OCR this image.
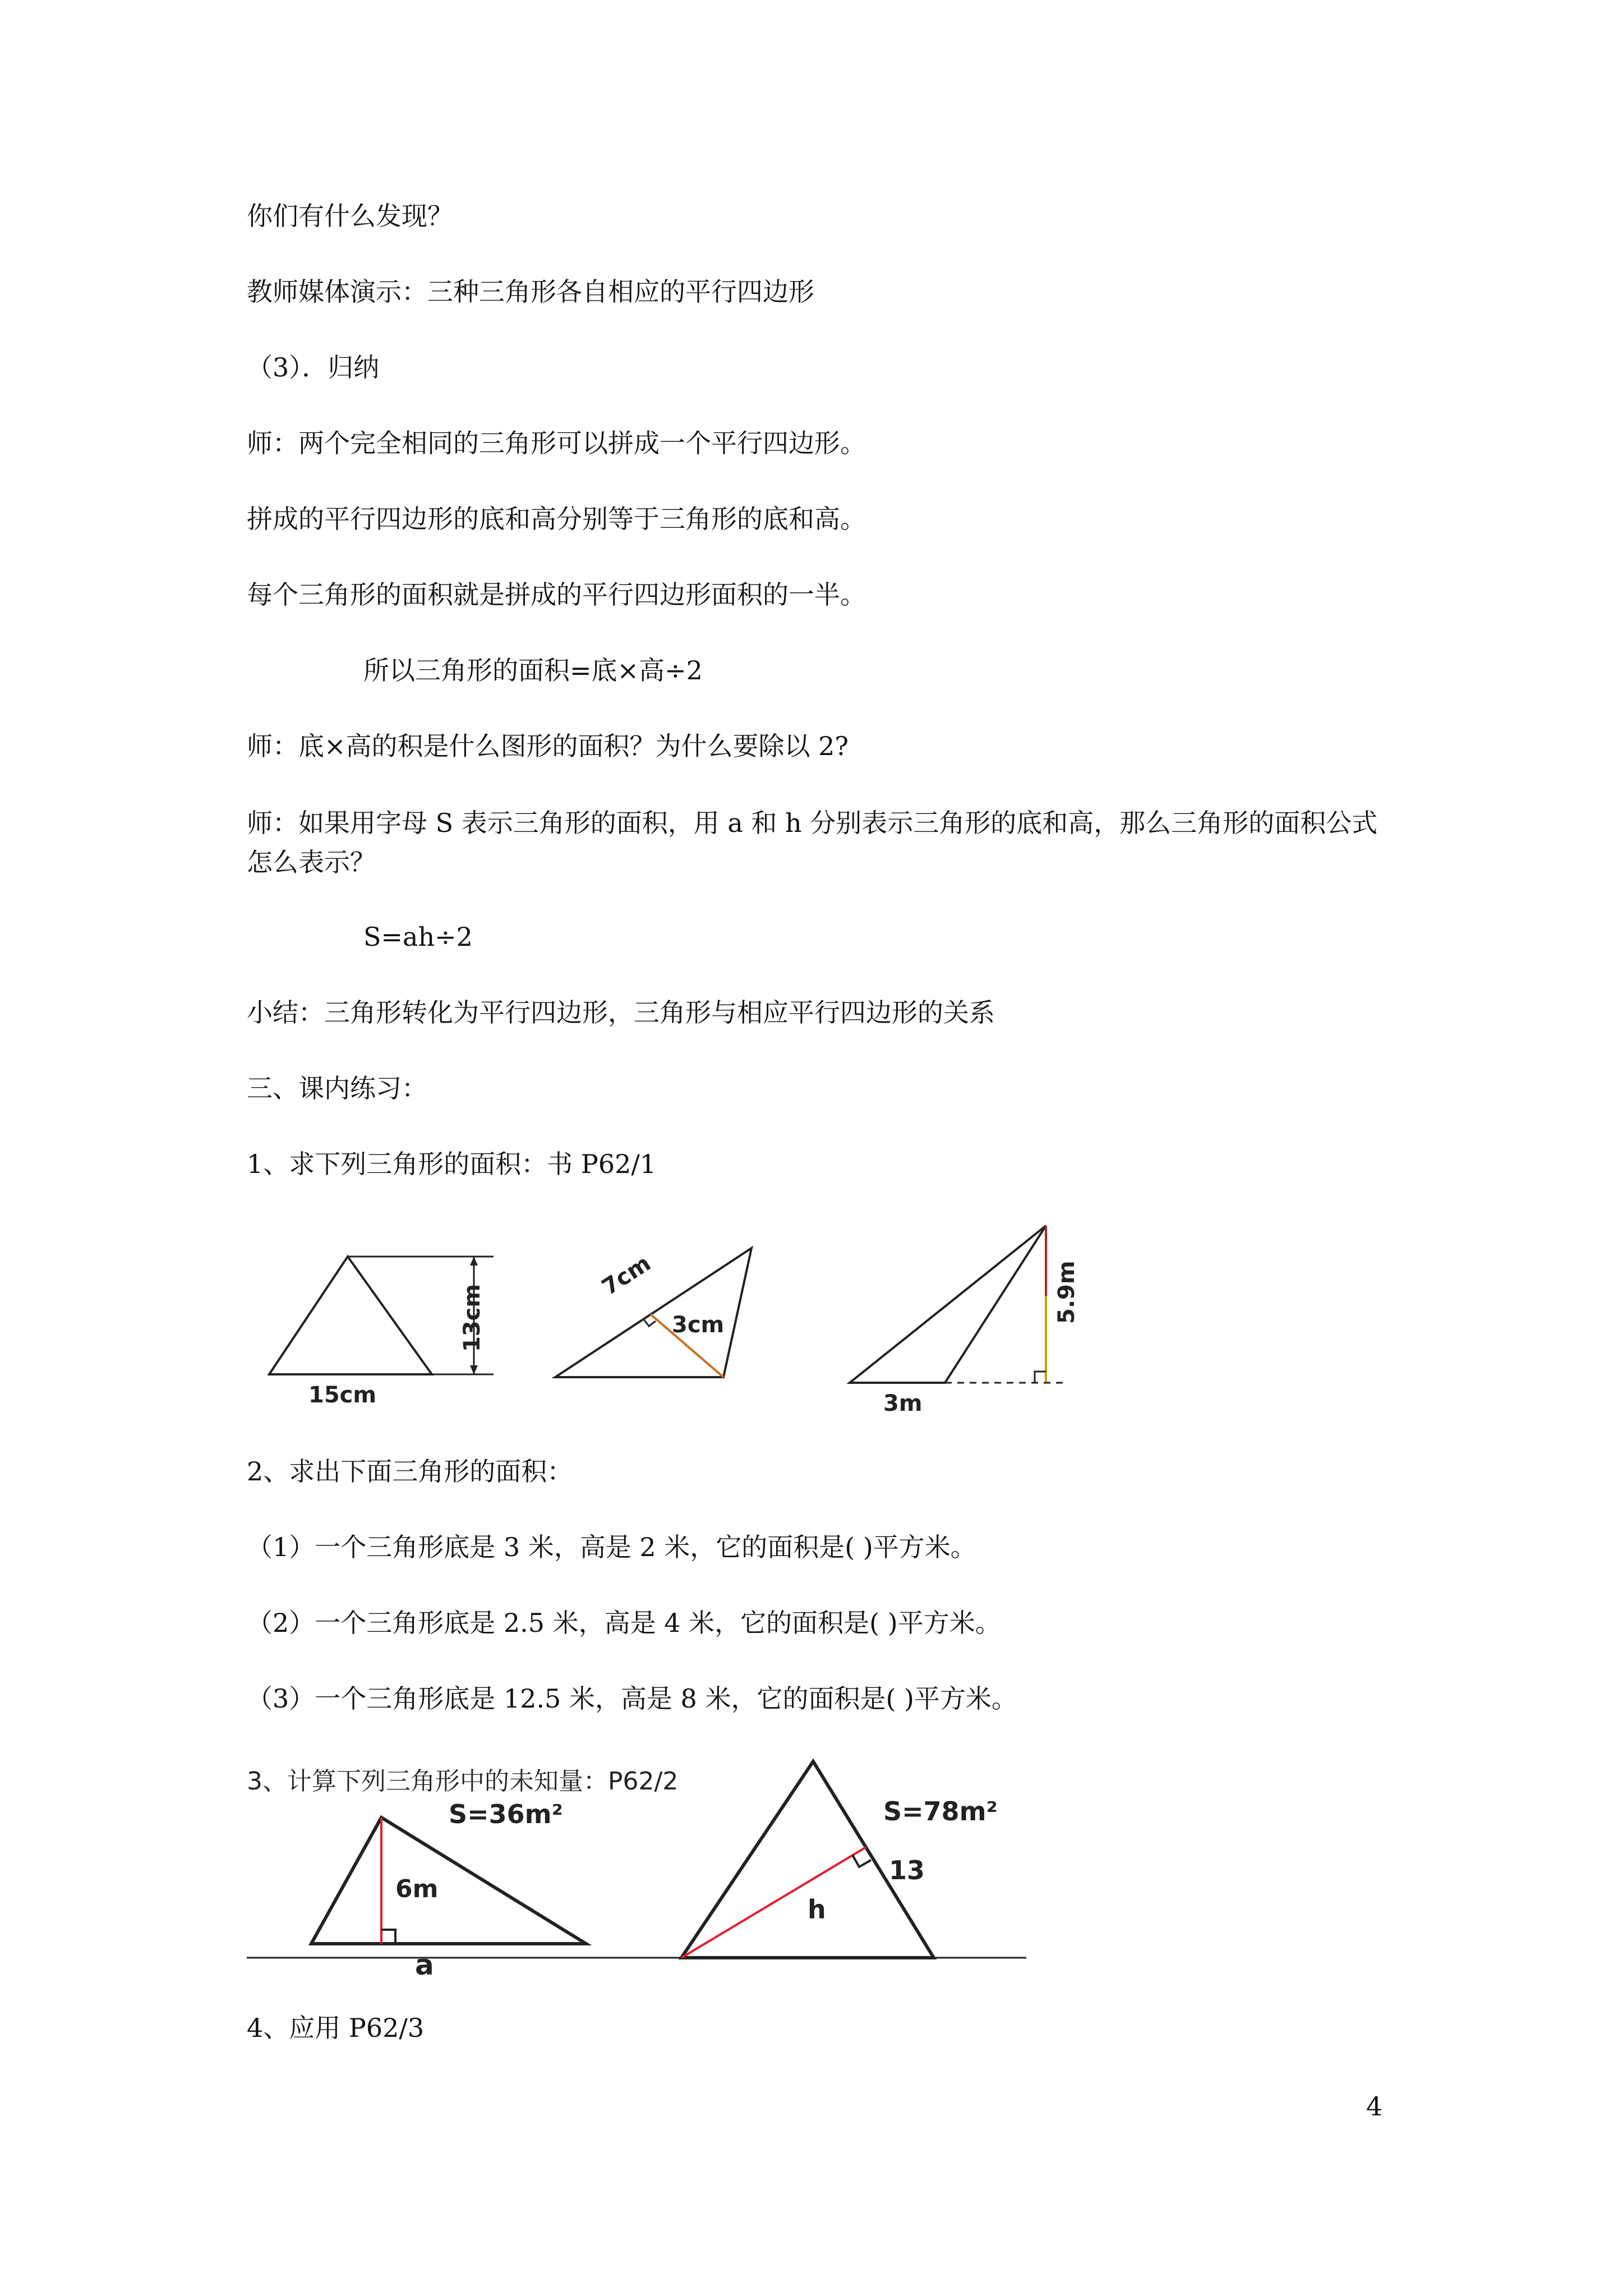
你们有什么发现？
教师媒体演示：三种三角形各自相应的平行四边形
（3）．归纳
师：两个完全相同的三角形可以拼成一个平行四边形。
拼成的平行四边形的底和高分别等于三角形的底和高。
每个三角形的面积就是拼成的平行四边形面积的一半。
所以三角形的面积=底×高÷2
师：底×高的积是什么图形的面积？为什么要除以 2?
师：如果用字母 S 表示三角形的面积，用 a 和 h 分别表示三角形的底和高，那么三角形的面积公式怎么表示？
S=ah÷2
小结：三角形转化为平行四边形，三角形与相应平行四边形的关系
三、课内练习：
1、求下列三角形的面积：书 P62/1
15cm
13cm
7cm
3cm
3m
5.9m
2、求出下面三角形的面积：
（1）一个三角形底是 3 米，高是 2 米，它的面积是( )平方米。
（2）一个三角形底是 2.5 米，高是 4 米，它的面积是( )平方米。
（3）一个三角形底是 12.5 米，高是 8 米，它的面积是( )平方米。
3、计算下列三角形中的未知量：P62/2
S=36m²
6m
a
S=78m²
13
h
4、应用 P62/3
4
